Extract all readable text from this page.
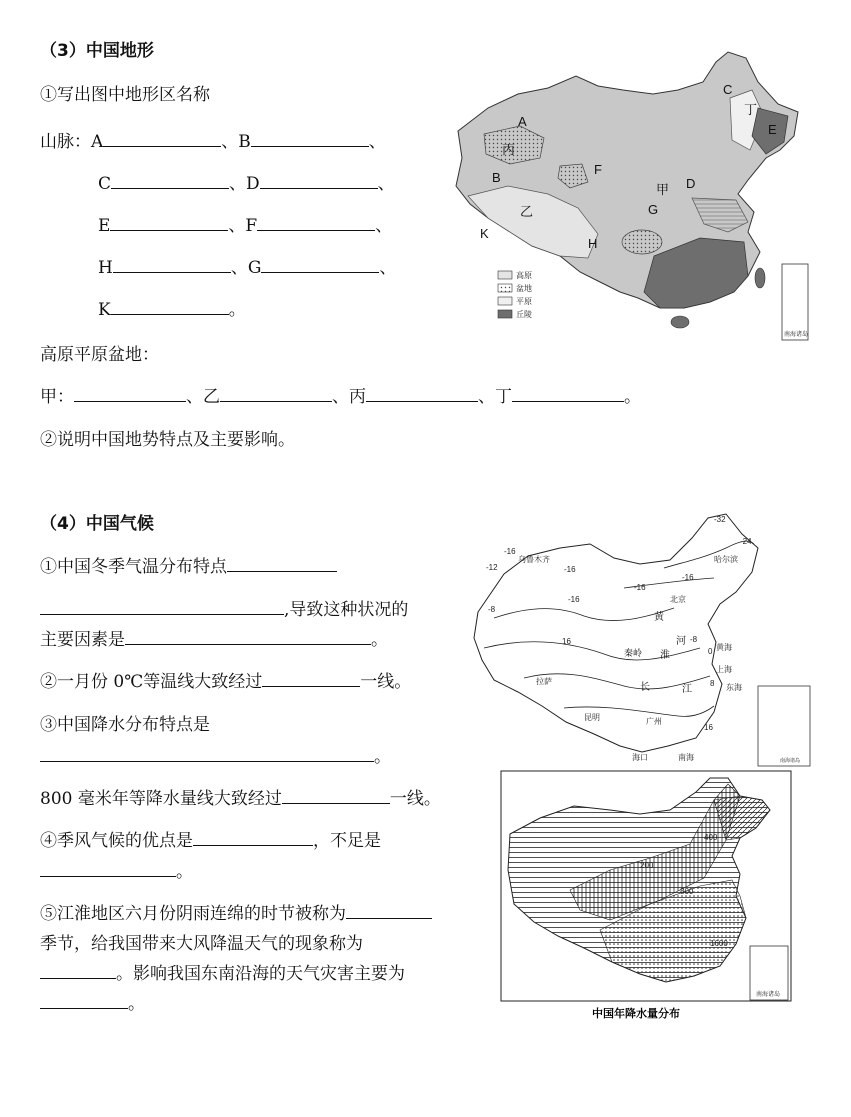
（3）中国地形
①写出图中地形区名称
山脉：A	、B	、
C	、D	、
E	、F	、
H	、G	、
K	。
高原平原盆地：
甲：	、乙	、丙	、丁	。
②说明中国地势特点及主要影响。
A
B
C
D
E
F
G
H
K
甲
乙
丙
丁
高原
盆地
平原
丘陵
南海诸岛
（4）中国气候
①中国冬季气温分布特点
,导致这种状况的
主要因素是	。
②一月份 0℃等温线大致经过	一线。
③中国降水分布特点是
。
800 毫米年等降水量线大致经过	一线。
④季风气候的优点是	，不足是
。
⑤江淮地区六月份阴雨连绵的时节被称为
季节，给我国带来大风降温天气的现象称为
。影响我国东南沿海的天气灾害主要为
。
-32
-24
-16
-12
-8
-16
-16
-16
-16
-8
0
8
16
16
乌鲁木齐	哈尔滨
北京
黄
河
秦岭 淮
黄海
上海
长	江	东海
拉萨
昆明	广州
南海
海口	南海诸岛
200
400
800
1600
南海诸岛
中国年降水量分布
